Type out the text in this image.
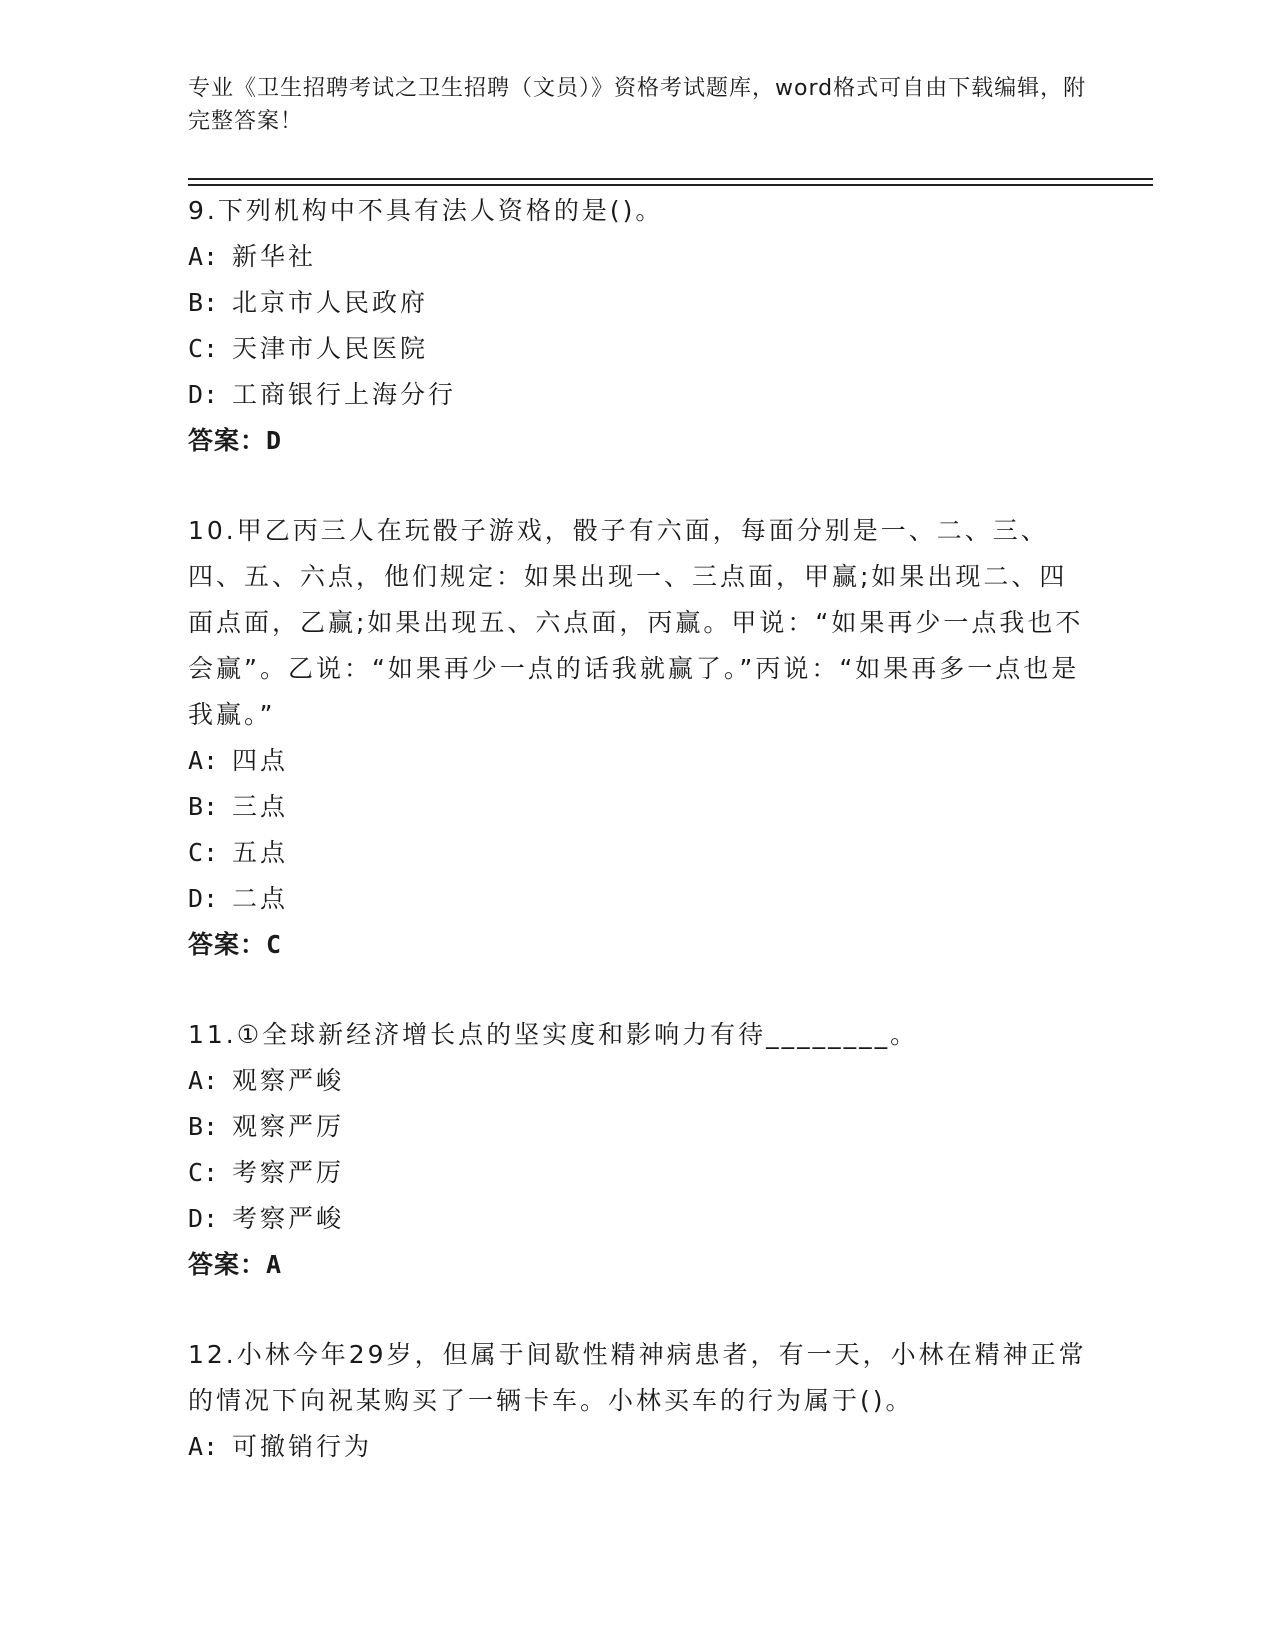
专业《卫生招聘考试之卫生招聘（文员）》资格考试题库，word格式可自由下载编辑，附完整答案！
9.下列机构中不具有法人资格的是()。
A: 新华社
B: 北京市人民政府
C: 天津市人民医院
D: 工商银行上海分行
答案：D
10.甲乙丙三人在玩骰子游戏，骰子有六面，每面分别是一、二、三、四、五、六点，他们规定：如果出现一、三点面，甲赢;如果出现二、四面点面，乙赢;如果出现五、六点面，丙赢。甲说：“如果再少一点我也不会赢”。乙说：“如果再少一点的话我就赢了。”丙说：“如果再多一点也是我赢。”
A: 四点
B: 三点
C: 五点
D: 二点
答案：C
11.①全球新经济增长点的坚实度和影响力有待________。
A: 观察严峻
B: 观察严厉
C: 考察严厉
D: 考察严峻
答案：A
12.小林今年29岁，但属于间歇性精神病患者，有一天，小林在精神正常的情况下向祝某购买了一辆卡车。小林买车的行为属于()。
A: 可撤销行为
